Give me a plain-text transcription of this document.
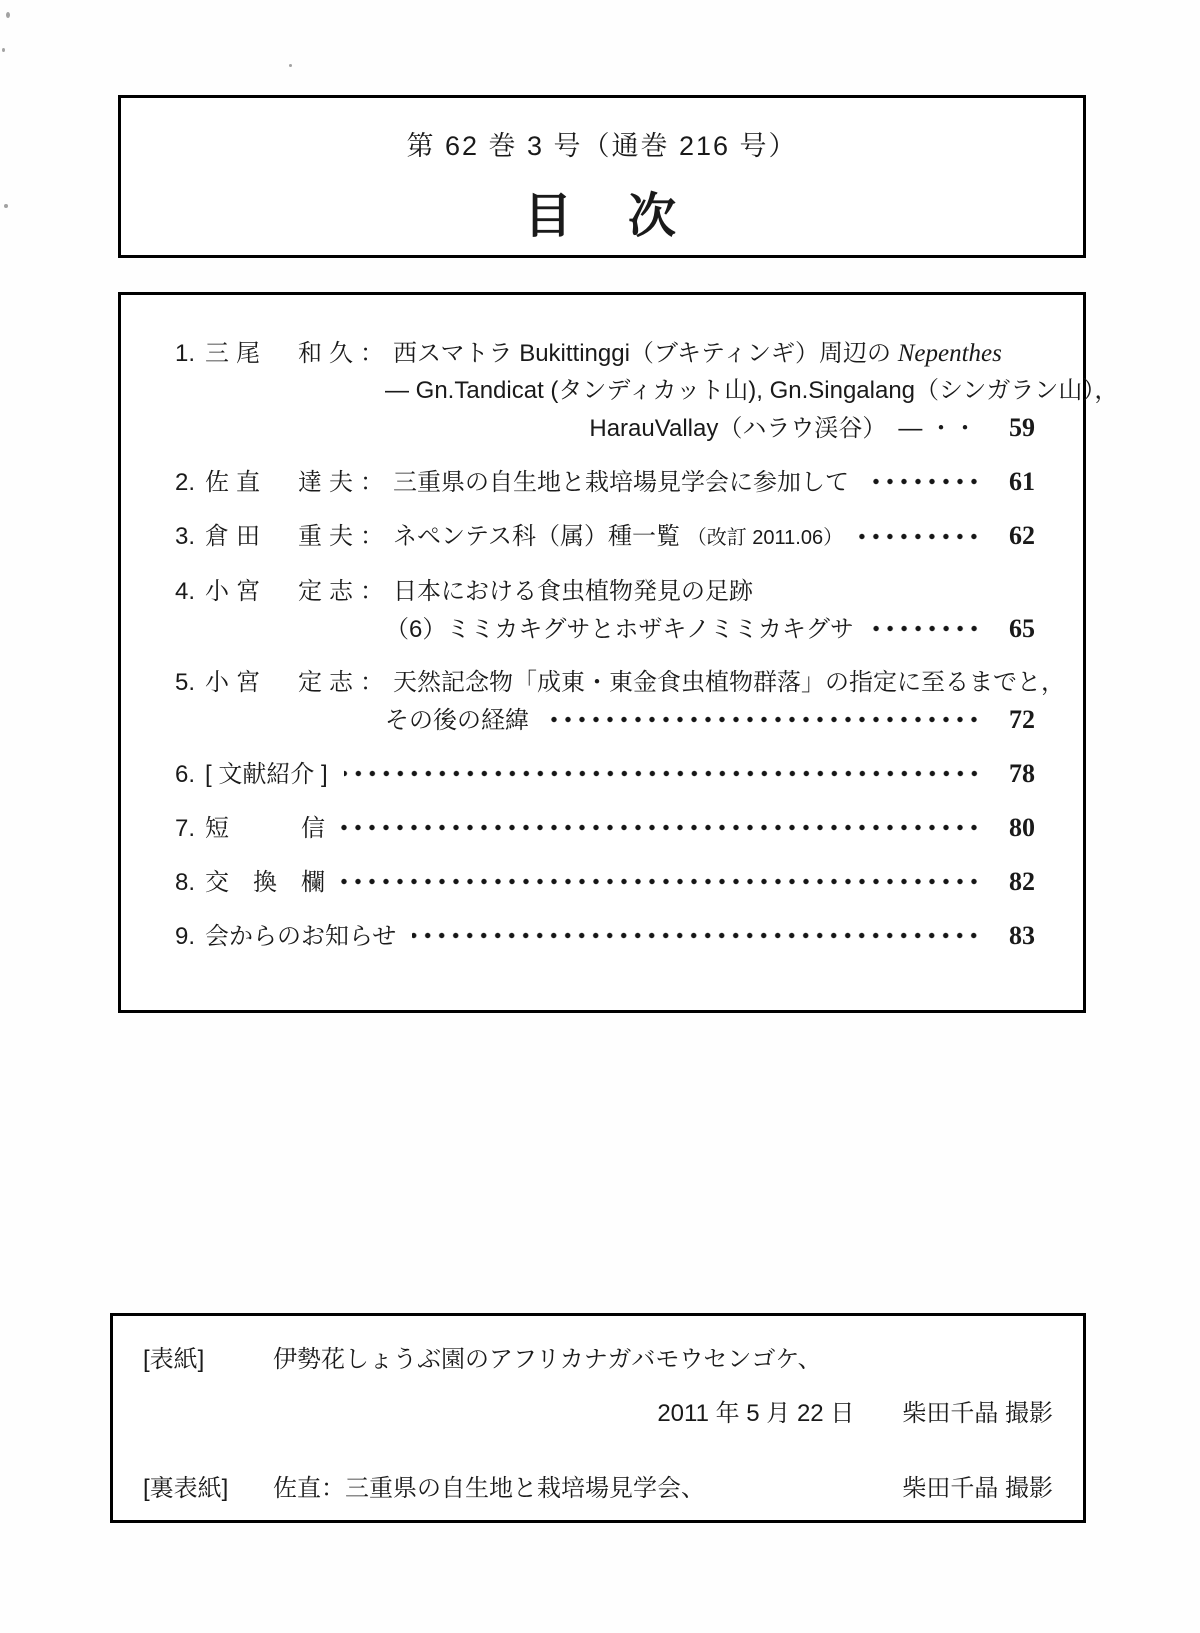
第 62 巻 3 号（通巻 216 号）
目　次
1. 三尾　和久： 西スマトラ Bukittinggi（ブキティンギ）周辺の Nepenthes
— Gn.Tandicat (タンディカット山), Gn.Singalang（シンガラン山），
HarauVallay（ハラウ渓谷）　— ・・	59
2. 佐直　達夫： 三重県の自生地と栽培場見学会に参加して	61
3. 倉田　重夫： ネペンテス科（属）種一覧 （改訂 2011.06）	62
4. 小宮　定志： 日本における食虫植物発見の足跡
（6）ミミカキグサとホザキノミミカキグサ	65
5. 小宮　定志： 天然記念物「成東・東金食虫植物群落」の指定に至るまでと，
その後の経緯	72
6. [ 文献紹介 ]	78
7. 短　　　信	80
8. 交　換　欄	82
9. 会からのお知らせ	83
[表紙]	伊勢花しょうぶ園のアフリカナガバモウセンゴケ、
2011 年 5 月 22 日　　柴田千晶 撮影
[裏表紙]	佐直：三重県の自生地と栽培場見学会、	柴田千晶 撮影
